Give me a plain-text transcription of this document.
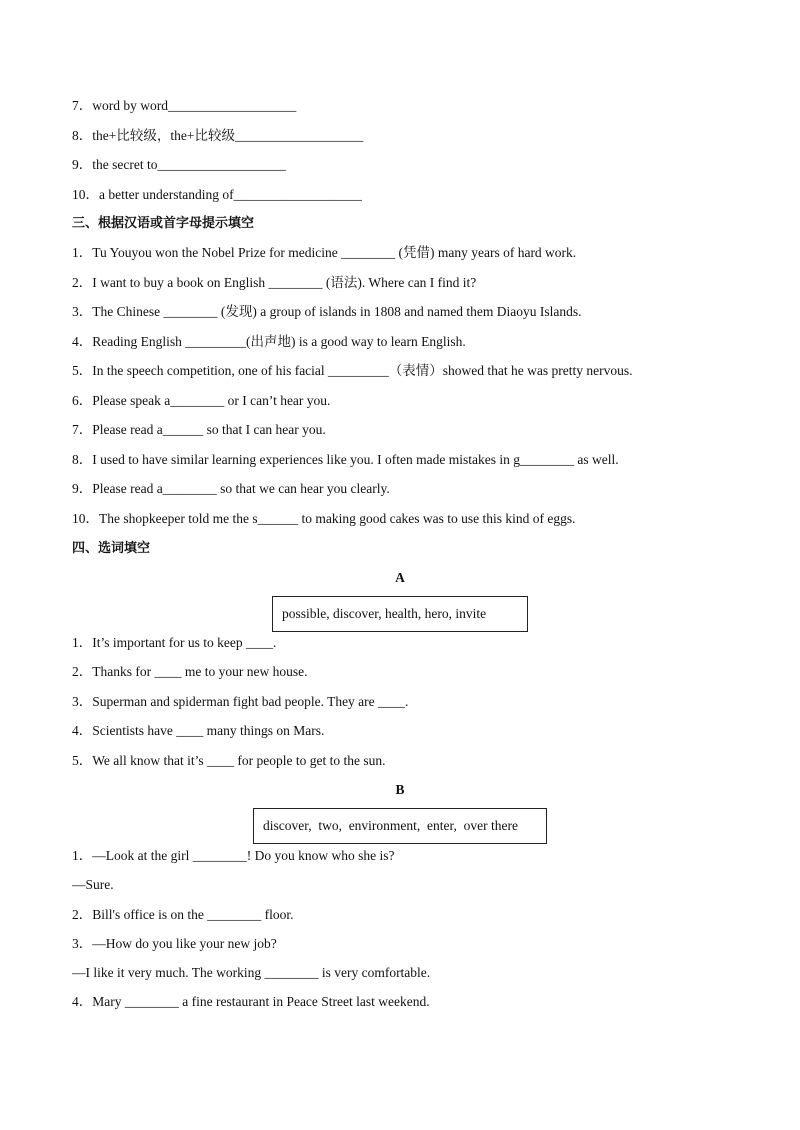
7．word by word___________________
8．the+比较级，the+比较级___________________
9．the secret to___________________
10．a better understanding of___________________
三、根据汉语或首字母提示填空
1．Tu Youyou won the Nobel Prize for medicine ________ (凭借) many years of hard work.
2．I want to buy a book on English ________ (语法). Where can I find it?
3．The Chinese ________ (发现) a group of islands in 1808 and named them Diaoyu Islands.
4．Reading English _________(出声地) is a good way to learn English.
5．In the speech competition, one of his facial _________（表情）showed that he was pretty nervous.
6．Please speak a________ or I can’t hear you.
7．Please read a______ so that I can hear you.
8．I used to have similar learning experiences like you. I often made mistakes in g________ as well.
9．Please read a________ so that we can hear you clearly.
10．The shopkeeper told me the s______ to making good cakes was to use this kind of eggs.
四、选词填空
A
possible, discover, health, hero, invite
1．It’s important for us to keep ____.
2．Thanks for ____ me to your new house.
3．Superman and spiderman fight bad people. They are ____.
4．Scientists have ____ many things on Mars.
5．We all know that it’s ____ for people to get to the sun.
B
discover,  two,  environment,  enter,  over there
1．—Look at the girl ________! Do you know who she is?
—Sure.
2．Bill's office is on the ________ floor.
3．—How do you like your new job?
—I like it very much. The working ________ is very comfortable.
4．Mary ________ a fine restaurant in Peace Street last weekend.
